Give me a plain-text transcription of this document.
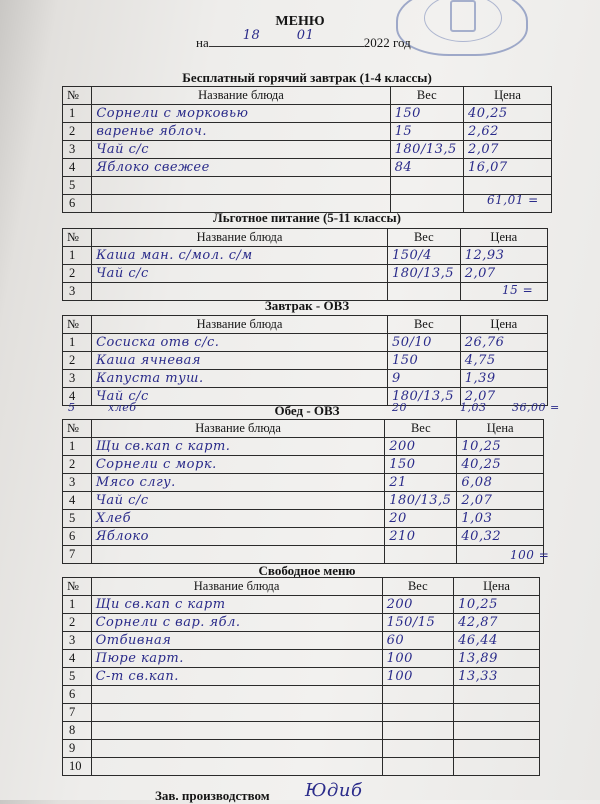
МЕНЮ
на	18	01	2022 год
Бесплатный горячий завтрак (1-4 классы)
№	Название блюда	Вес	Цена
1	Сорнели с морковью	150	40,25
2	варенье яблоч.	15	2,62
3	Чай с/с	180/13,5	2,07
4	Яблоко свежее	84	16,07
5			
6				61,01 =
Льготное питание (5-11 классы)
№	Название блюда	Вес	Цена
1	Каша ман. с/мол. с/м	150/4	12,93
2	Чай с/с	180/13,5	2,07
3				15 =
Завтрак - ОВЗ
№	Название блюда	Вес	Цена
1	Сосиска отв с/с.	50/10	26,76
2	Каша ячневая	150	4,75
3	Капуста туш.	9	1,39
4	Чай с/с	180/13,5	2,07
5	хлеб	20	1,03 36,00 =
Обед - ОВЗ
№	Название блюда	Вес	Цена
1	Щи св.кап с карт.	200	10,25
2	Сорнели с морк.	150	40,25
3	Мясо слгу.	21	6,08
4	Чай с/с	180/13,5	2,07
5	Хлеб	20	1,03
6	Яблоко	210	40,32
7				100 =
Свободное меню
№	Название блюда	Вес	Цена
1	Щи св.кап с карт	200	10,25
2	Сорнели с вар. ябл.	150/15	42,87
3	Отбивная	60	46,44
4	Пюре карт.	100	13,89
5	С-т св.кап.	100	13,33
6			
7			
8			
9			
10			
Зав. производством Юдиб
